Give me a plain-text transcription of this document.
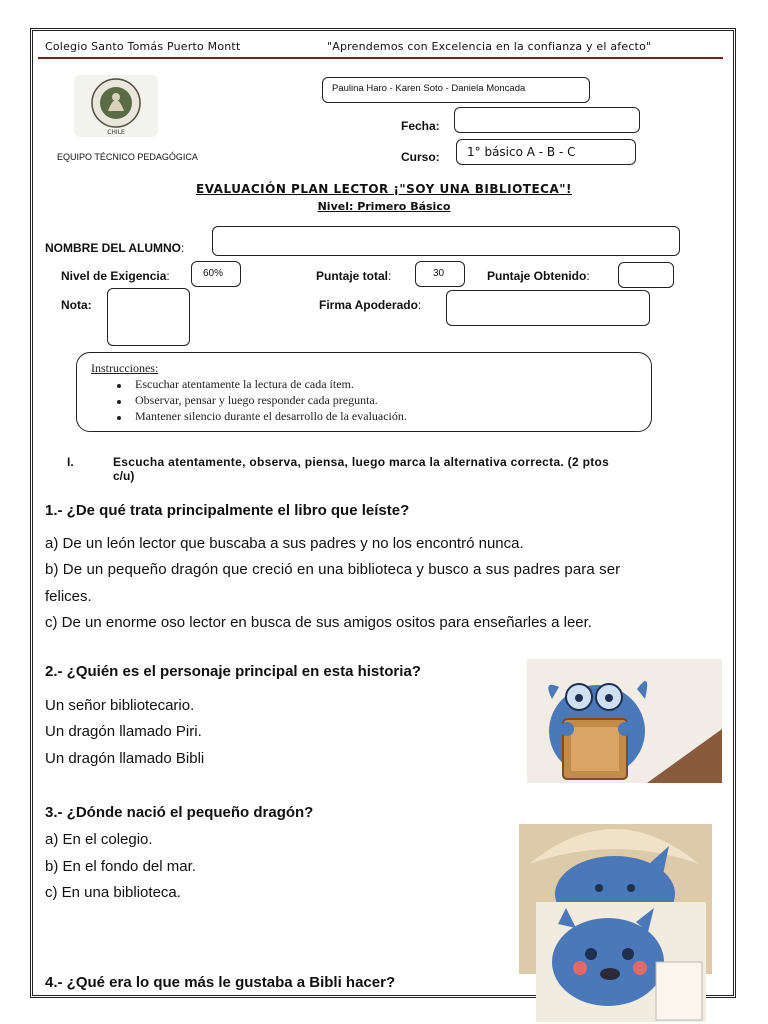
Colegio Santo Tomás Puerto Montt	"Aprendemos con Excelencia en la confianza y el afecto"
CHILE
EQUIPO TÉCNICO PEDAGÓGICA
Paulina Haro - Karen Soto - Daniela Moncada
Fecha:
Curso: 1° básico A - B - C
EVALUACIÓN PLAN LECTOR ¡"SOY UNA BIBLIOTECA"!
Nivel: Primero Básico
NOMBRE DEL ALUMNO:
Nivel de Exigencia:	60%	Puntaje total:	30	Puntaje Obtenido:
Nota:	Firma Apoderado:
Instrucciones:
Escuchar atentamente la lectura de cada ítem.
Observar, pensar y luego responder cada pregunta.
Mantener silencio durante el desarrollo de la evaluación.
I.	Escucha atentamente, observa, piensa, luego marca la alternativa correcta. (2 ptos
c/u)
1.- ¿De qué trata principalmente el libro que leíste?
a) De un león lector que buscaba a sus padres y no los encontró nunca.
b) De un pequeño dragón que creció en una biblioteca y busco a sus padres para ser
felices.
c) De un enorme oso lector en busca de sus amigos ositos para enseñarles a leer.
2.- ¿Quién es el personaje principal en esta historia?
Un señor bibliotecario.
Un dragón llamado Piri.
Un dragón llamado Bibli
3.- ¿Dónde nació el pequeño dragón?
a) En el colegio.
b) En el fondo del mar.
c) En una biblioteca.
4.- ¿Qué era lo que más le gustaba a Bibli hacer?
